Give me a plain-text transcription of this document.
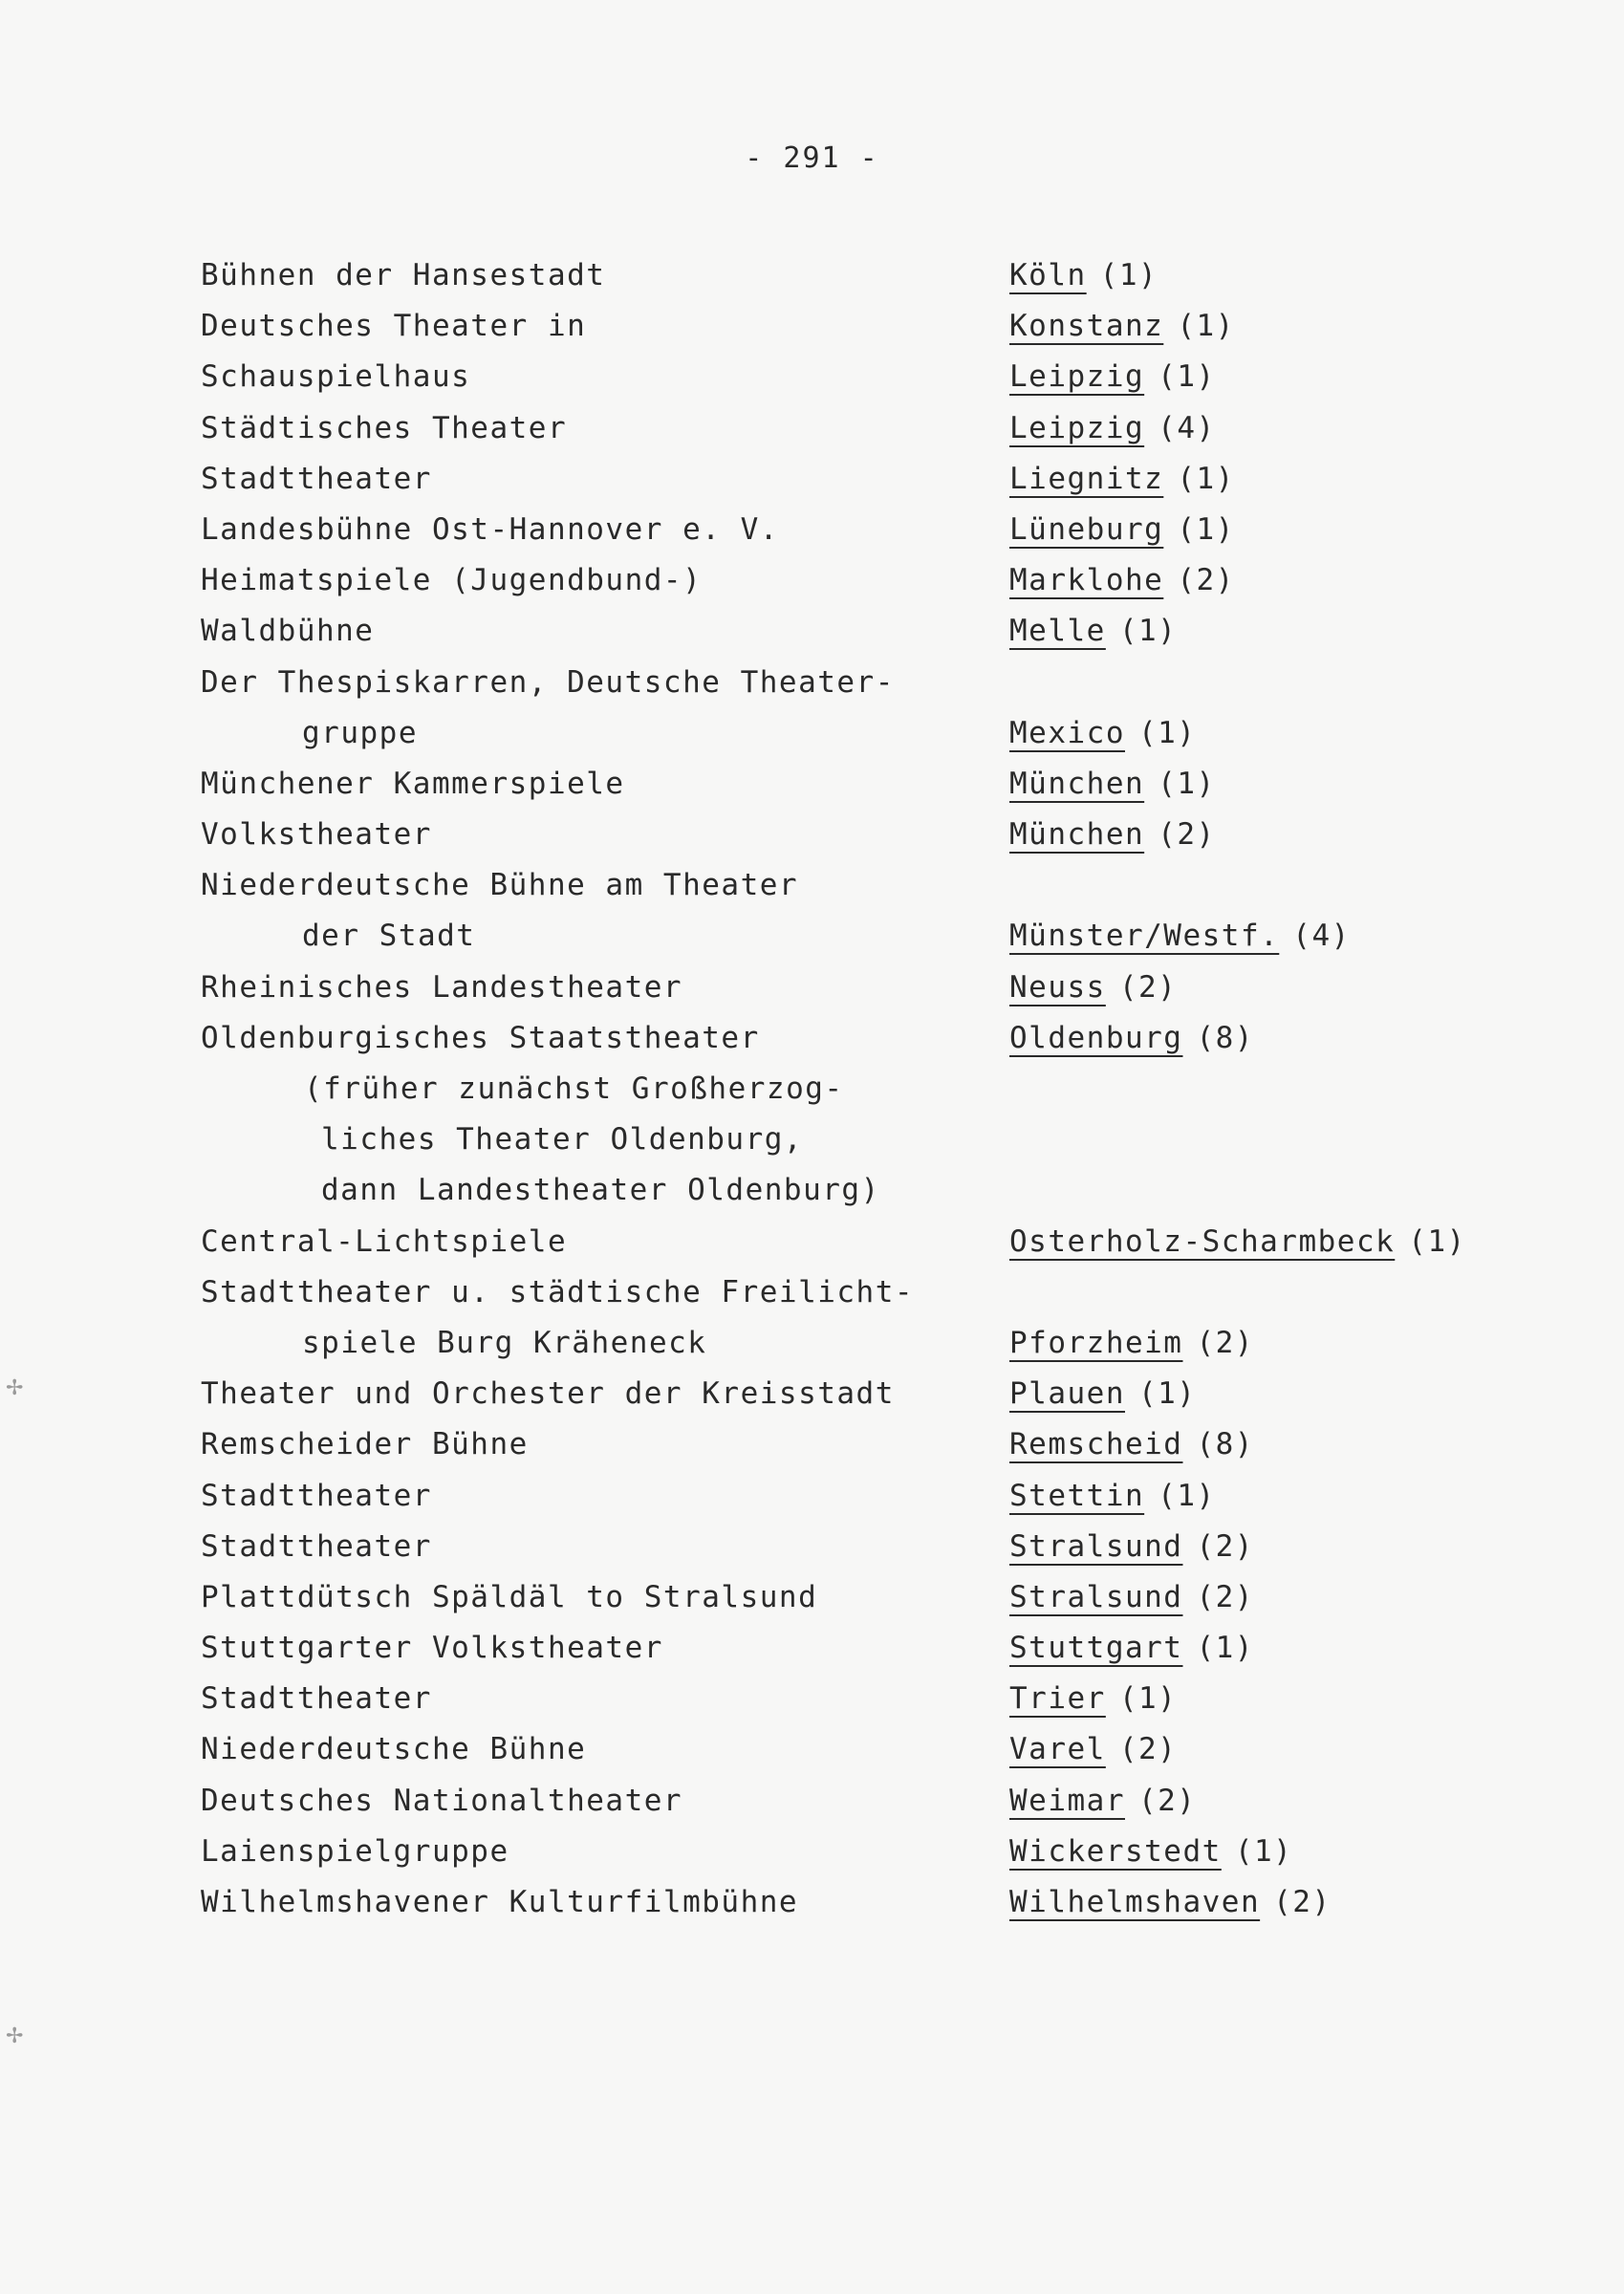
- 291 -
Bühnen der Hansestadt	Köln (1)
Deutsches Theater in	Konstanz (1)
Schauspielhaus	Leipzig (1)
Städtisches Theater	Leipzig (4)
Stadttheater	Liegnitz (1)
Landesbühne Ost-Hannover e. V.	Lüneburg (1)
Heimatspiele (Jugendbund-)	Marklohe (2)
Waldbühne	Melle (1)
Der Thespiskarren, Deutsche Theater-
gruppe	Mexico (1)
Münchener Kammerspiele	München (1)
Volkstheater	München (2)
Niederdeutsche Bühne am Theater
der Stadt	Münster/Westf. (4)
Rheinisches Landestheater	Neuss (2)
Oldenburgisches Staatstheater	Oldenburg (8)
(früher zunächst Großherzog-
liches Theater Oldenburg,
dann Landestheater Oldenburg)
Central-Lichtspiele	Osterholz-Scharmbeck (1)
Stadttheater u. städtische Freilicht-
spiele Burg Kräheneck	Pforzheim (2)
Theater und Orchester der Kreisstadt	Plauen (1)
Remscheider Bühne	Remscheid (8)
Stadttheater	Stettin (1)
Stadttheater	Stralsund (2)
Plattdütsch Späldäl to Stralsund	Stralsund (2)
Stuttgarter Volkstheater	Stuttgart (1)
Stadttheater	Trier (1)
Niederdeutsche Bühne	Varel (2)
Deutsches Nationaltheater	Weimar (2)
Laienspielgruppe	Wickerstedt (1)
Wilhelmshavener Kulturfilmbühne	Wilhelmshaven (2)
✢
✢
